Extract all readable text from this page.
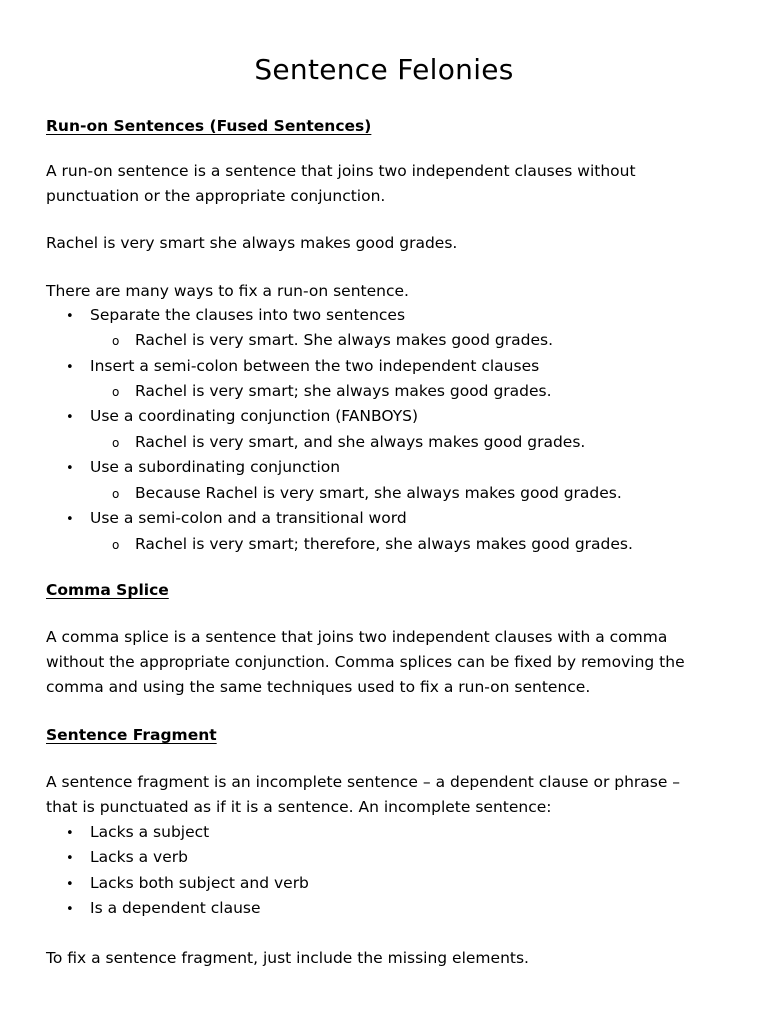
Sentence Felonies
Run-on Sentences (Fused Sentences)
A run-on sentence is a sentence that joins two independent clauses without
punctuation or the appropriate conjunction.
Rachel is very smart she always makes good grades.
There are many ways to fix a run-on sentence.
• Separate the clauses into two sentences
o Rachel is very smart. She always makes good grades.
• Insert a semi-colon between the two independent clauses
o Rachel is very smart; she always makes good grades.
• Use a coordinating conjunction (FANBOYS)
o Rachel is very smart, and she always makes good grades.
• Use a subordinating conjunction
o Because Rachel is very smart, she always makes good grades.
• Use a semi-colon and a transitional word
o Rachel is very smart; therefore, she always makes good grades.
Comma Splice
A comma splice is a sentence that joins two independent clauses with a comma
without the appropriate conjunction. Comma splices can be fixed by removing the
comma and using the same techniques used to fix a run-on sentence.
Sentence Fragment
A sentence fragment is an incomplete sentence – a dependent clause or phrase –
that is punctuated as if it is a sentence. An incomplete sentence:
• Lacks a subject
• Lacks a verb
• Lacks both subject and verb
• Is a dependent clause
To fix a sentence fragment, just include the missing elements.
